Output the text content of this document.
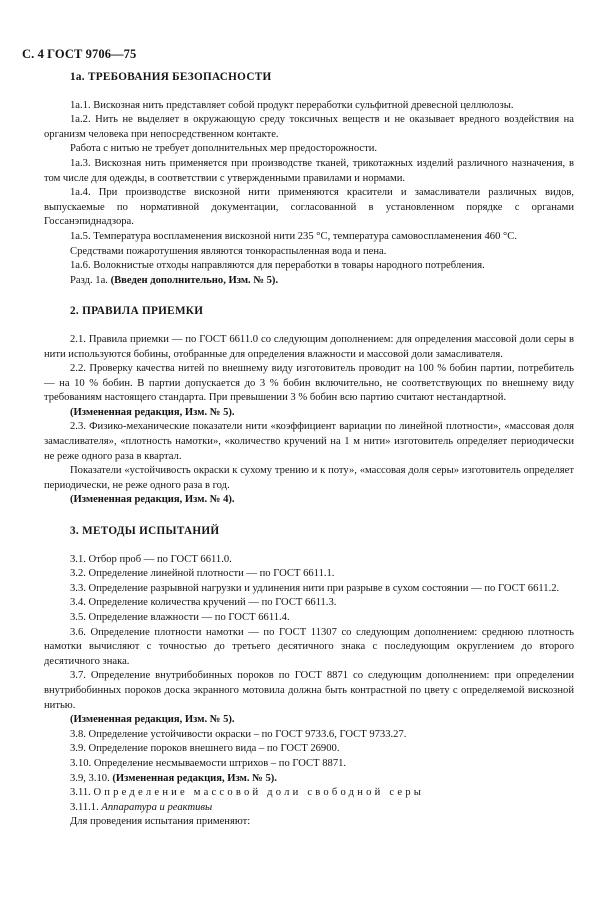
С. 4 ГОСТ 9706—75

1а. ТРЕБОВАНИЯ БЕЗОПАСНОСТИ

1а.1. Вискозная нить представляет собой продукт переработки сульфитной древесной целлюлозы.

1а.2. Нить не выделяет в окружающую среду токсичных веществ и не оказывает вредного воздействия на организм человека при непосредственном контакте.

Работа с нитью не требует дополнительных мер предосторожности.

1а.3. Вискозная нить применяется при производстве тканей, трикотажных изделий различного назначения, в том числе для одежды, в соответствии с утвержденными правилами и нормами.

1а.4. При производстве вискозной нити применяются красители и замасливатели различных видов, выпускаемые по нормативной документации, согласованной в установленном порядке с органами Госсанэпиднадзора.

1а.5. Температура воспламенения вискозной нити 235 °С, температура самовоспламенения 460 °С.

Средствами пожаротушения являются тонкораспыленная вода и пена.

1а.6. Волокнистые отходы направляются для переработки в товары народного потребления.

Разд. 1а. (Введен дополнительно, Изм. № 5).

2. ПРАВИЛА ПРИЕМКИ

2.1. Правила приемки — по ГОСТ 6611.0 со следующим дополнением: для определения массовой доли серы в нити используются бобины, отобранные для определения влажности и массовой доли замасливателя.

2.2. Проверку качества нитей по внешнему виду изготовитель проводит на 100 % бобин партии, потребитель — на 10 % бобин. В партии допускается до 3 % бобин включительно, не соответствующих по внешнему виду требованиям настоящего стандарта. При превышении 3 % бобин всю партию считают нестандартной.

(Измененная редакция, Изм. № 5).

2.3. Физико-механические показатели нити «коэффициент вариации по линейной плотности», «массовая доля замасливателя», «плотность намотки», «количество кручений на 1 м нити» изготовитель определяет периодически не реже одного раза в квартал.

Показатели «устойчивость окраски к сухому трению и к поту», «массовая доля серы» изготовитель определяет периодически, не реже одного раза в год.

(Измененная редакция, Изм. № 4).

3. МЕТОДЫ ИСПЫТАНИЙ

3.1. Отбор проб — по ГОСТ 6611.0.

3.2. Определение линейной плотности — по ГОСТ 6611.1.

3.3. Определение разрывной нагрузки и удлинения нити при разрыве в сухом состоянии — по ГОСТ 6611.2.

3.4. Определение количества кручений — по ГОСТ 6611.3.

3.5. Определение влажности — по ГОСТ 6611.4.

3.6. Определение плотности намотки — по ГОСТ 11307 со следующим дополнением: среднюю плотность намотки вычисляют с точностью до третьего десятичного знака с последующим округлением до второго десятичного знака.

3.7. Определение внутрибобинных пороков по ГОСТ 8871 со следующим дополнением: при определении внутрибобинных пороков доска экранного мотовила должна быть контрастной по цвету с определяемой вискозной нитью.

(Измененная редакция, Изм. № 5).

3.8. Определение устойчивости окраски – по ГОСТ 9733.6, ГОСТ 9733.27.

3.9. Определение пороков внешнего вида – по ГОСТ 26900.

3.10. Определение несмываемости штрихов – по ГОСТ 8871.

3.9, 3.10. (Измененная редакция, Изм. № 5).

3.11. Определение массовой доли свободной серы

3.11.1. Аппаратура и реактивы

Для проведения испытания применяют:
